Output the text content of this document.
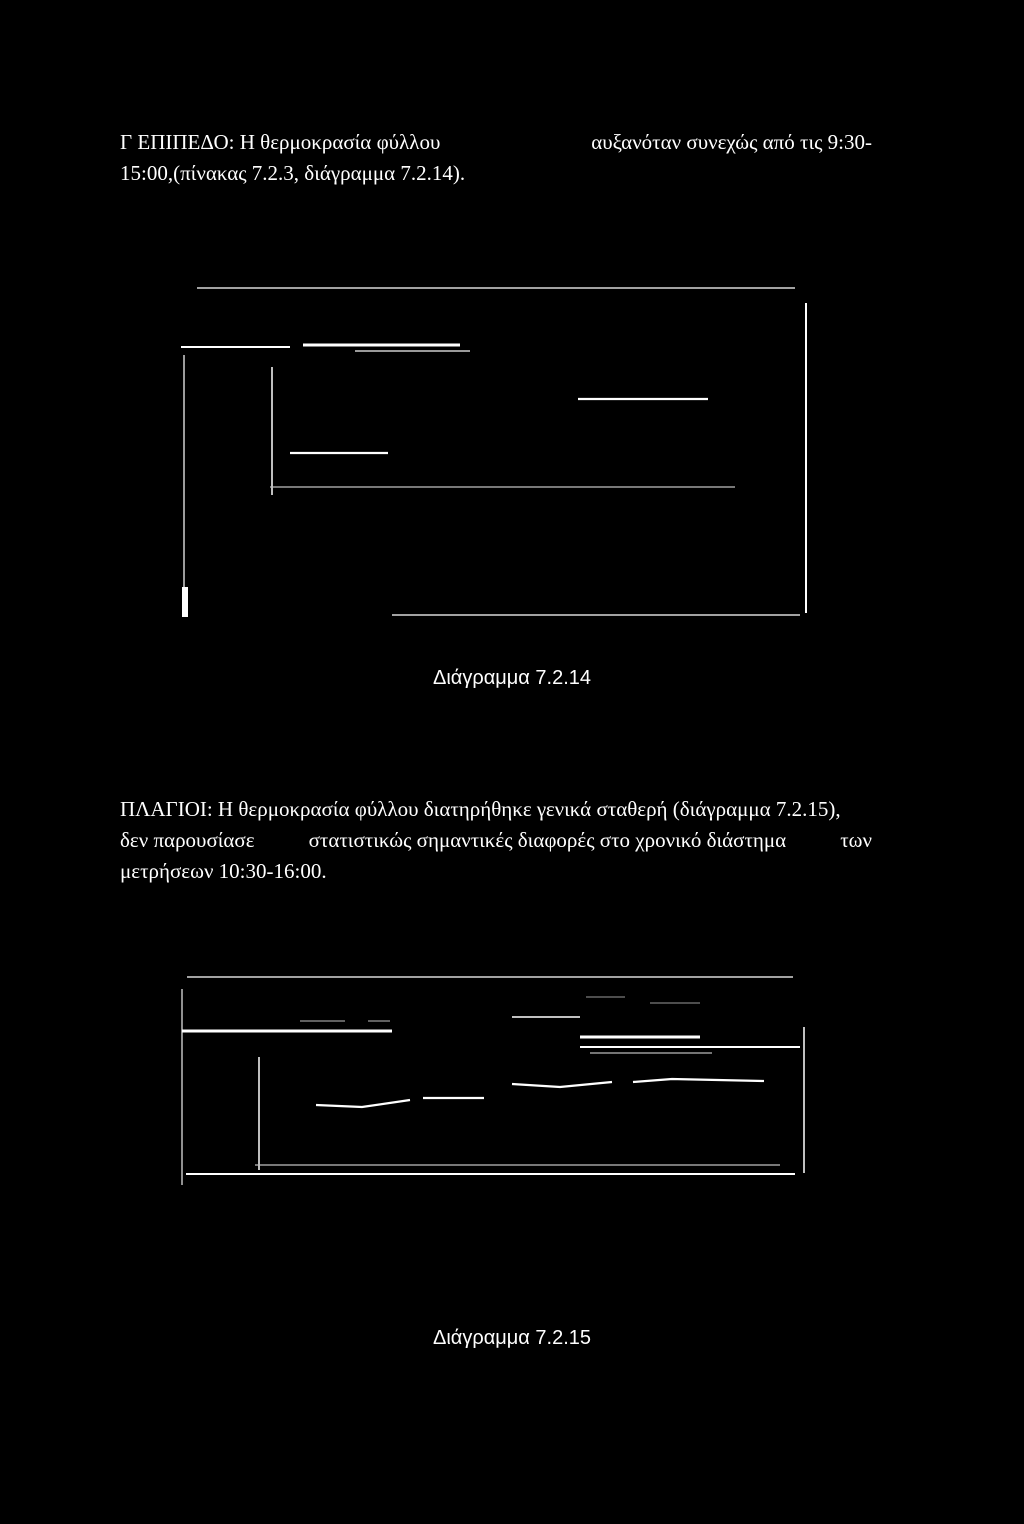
Γ ΕΠΙΠΕΔΟ: Η θερμοκρασία φύλλου	αυξανόταν συνεχώς από τις 9:30-
15:00,(πίνακας 7.2.3, διάγραμμα 7.2.14).
Διάγραμμα 7.2.14
ΠΛΑΓΙΟΙ: Η θερμοκρασία φύλλου διατηρήθηκε γενικά σταθερή (διάγραμμα 7.2.15),
δεν παρουσίασε	στατιστικώς σημαντικές διαφορές στο χρονικό διάστημα	των
μετρήσεων 10:30-16:00.
Διάγραμμα 7.2.15
